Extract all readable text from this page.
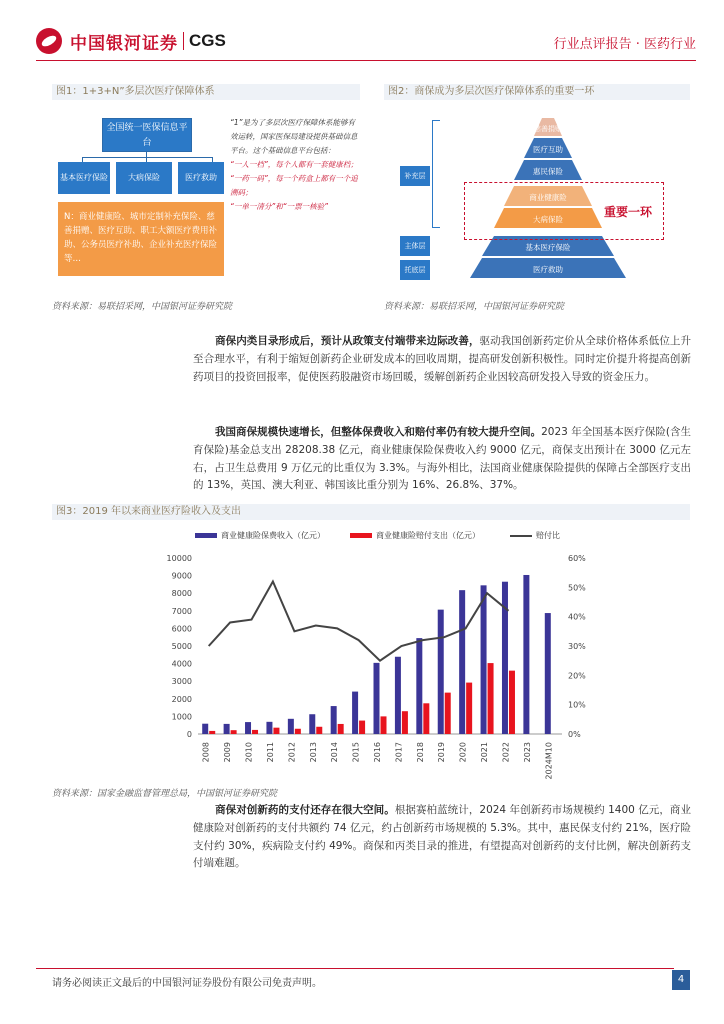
中国银河证券 CGS	行业点评报告 · 医药行业
图1：1+3+N”多层次医疗保障体系
全国统一医保信息平台
基本医疗保险	大病保险	医疗救助
N：商业健康险、城市定制补充保险、慈善捐赠、医疗互助、职工大额医疗费用补助、公务员医疗补助、企业补充医疗保险等…
“1”是为了多层次医疗保障体系能够有效运转，国家医保局建设提供基础信息平台。这个基础信息平台包括：
“一人一档”，每个人都有一套健康档；
“一药一码”，每一个药盒上都有一个追溯码；
“一单一清分”和“一票一核验”
资料来源：易联招采网，中国银河证券研究院
图2：商保成为多层次医疗保障体系的重要一环
慈善捐赠
医疗互助
惠民保险
商业健康险
大病保险
基本医疗保险
医疗救助
补充层
主体层
托底层
重要一环
资料来源：易联招采网，中国银河证券研究院
商保内类目录形成后，预计从政策支付端带来边际改善，驱动我国创新药定价从全球价格体系低位上升至合理水平，有利于缩短创新药企业研发成本的回收周期，提高研发创新积极性。同时定价提升将提高创新药项目的投资回报率，促使医药股融资市场回暖，缓解创新药企业因较高研发投入导致的资金压力。
我国商保规模快速增长，但整体保费收入和赔付率仍有较大提升空间。2023 年全国基本医疗保险(含生育保险)基金总支出 28208.38 亿元，商业健康保险保费收入约 9000 亿元，商保支出预计在 3000 亿元左右，占卫生总费用 9 万亿元的比重仅为 3.3%。与海外相比，法国商业健康保险提供的保障占全部医疗支出的 13%，英国、澳大利亚、韩国该比重分别为 16%、26.8%、37%。
图3：2019 年以来商业医疗险收入及支出
商业健康险保费收入（亿元）	商业健康险赔付支出（亿元）	赔付比
0
1000
2000
3000
4000
5000
6000
7000
8000
9000
10000
0%
10%
20%
30%
40%
50%
60%
2008 2009 2010 2011 2012 2013 2014 2015 2016 2017 2018 2019 2020 2021 2022 2023 2024M10
资料来源：国家金融监督管理总局，中国银河证券研究院
商保对创新药的支付还存在很大空间。根据赛柏蓝统计，2024 年创新药市场规模约 1400 亿元，商业健康险对创新药的支付共额约 74 亿元，约占创新药市场规模的 5.3%。其中，惠民保支付约 21%，医疗险支付约 30%，疾病险支付约 49%。商保和丙类目录的推进，有望提高对创新药的支付比例，解决创新药支付端难题。
请务必阅读正文最后的中国银河证券股份有限公司免责声明。	4
